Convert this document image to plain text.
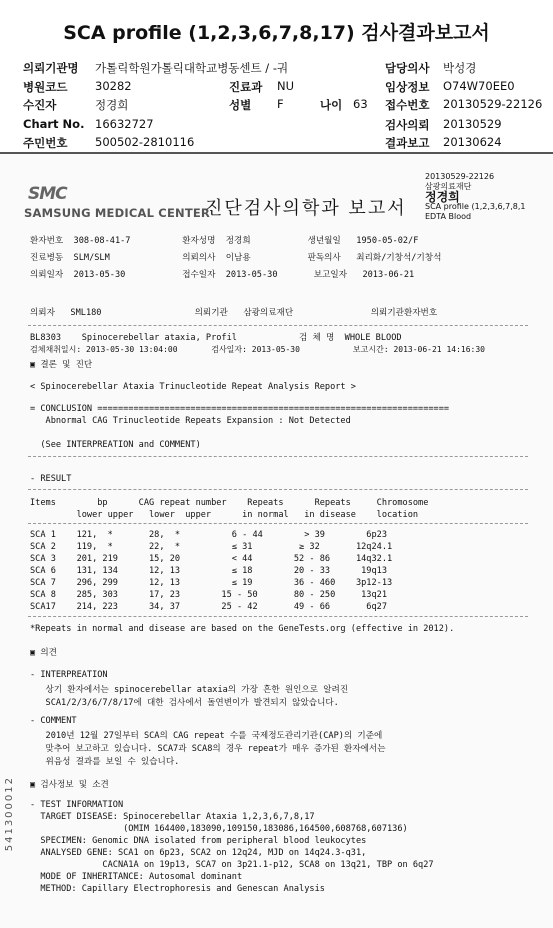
SCA profile (1,2,3,6,7,8,17) 검사결과보고서
의뢰기관명 가톨릭학원가톨릭대학교병동센트 / -궈	담당의사 박성경
병원코드 30282	진료과 NU	임상정보 O74W70EE0
수진자	정경희	성별 F	나이 63 접수번호 20130529-22126
Chart No. 16632727	검사의뢰 20130529
주민번호 500502-2810116	결과보고 20130624
SMC
SAMSUNG MEDICAL CENTER
진단검사의학과 보고서
20130529-22126
삼광의료재단
정경희
SCA profile (1,2,3,6,7,8,1
EDTA Blood
환자번호  308-08-41-7          환자성명  정경희           생년월일   1950-05-02/F
진료병동  SLM/SLM              의뢰의사  이남용           판독의사   최리화/기창석/기창석
의뢰일자  2013-05-30           접수일자  2013-05-30       보고일자   2013-06-21
의뢰자   SML180                  의뢰기관   삼광의료재단               의뢰기관환자번호
BL8303    Spinocerebellar ataxia, Profil            검 체 명  WHOLE BLOOD
검체채취일시: 2013-05-30 13:04:00       검사일자: 2013-05-30           보고시간: 2013-06-21 14:16:30
▣ 결론 및 진단
< Spinocerebellar Ataxia Trinucleotide Repeat Analysis Report >
= CONCLUSION ====================================================================
Abnormal CAG Trinucleotide Repeats Expansion : Not Detected
(See INTERPREATION and COMMENT)
- RESULT
Items        bp      CAG repeat number    Repeats      Repeats     Chromosome
lower upper   lower  upper      in normal   in disease    location
SCA 1    121,  *       28,  *          6 - 44        > 39        6p23
SCA 2    119,  *       22,  *          ≤ 31         ≥ 32       12q24.1
SCA 3    201, 219      15, 20          < 44        52 - 86     14q32.1
SCA 6    131, 134      12, 13          ≤ 18        20 - 33      19q13
SCA 7    296, 299      12, 13          ≤ 19        36 - 460    3p12-13
SCA 8    285, 303      17, 23        15 - 50       80 - 250     13q21
SCA17    214, 223      34, 37        25 - 42       49 - 66       6q27
*Repeats in normal and disease are based on the GeneTests.org (effective in 2012).
▣ 의견
- INTERPREATION
상기 환자에서는 spinocerebellar ataxia의 가장 흔한 원인으로 알려진
SCA1/2/3/6/7/8/17에 대한 검사에서 돌연변이가 발견되지 않았습니다.
- COMMENT
2010년 12월 27일부터 SCA의 CAG repeat 수를 국제정도관리기관(CAP)의 기준에
맞추어 보고하고 있습니다. SCA7과 SCA8의 경우 repeat가 매우 증가된 환자에서는
위음성 결과를 보일 수 있습니다.
▣ 검사정보 및 소견
- TEST INFORMATION
TARGET DISEASE: Spinocerebellar Ataxia 1,2,3,6,7,8,17
(OMIM 164400,183090,109150,183086,164500,608768,607136)
SPECIMEN: Genomic DNA isolated from peripheral blood leukocytes
ANALYSED GENE: SCA1 on 6p23, SCA2 on 12q24, MJD on 14q24.3-q31,
CACNA1A on 19p13, SCA7 on 3p21.1-p12, SCA8 on 13q21, TBP on 6q27
MODE OF INHERITANCE: Autosomal dominant
METHOD: Capillary Electrophoresis and Genescan Analysis
541300012
